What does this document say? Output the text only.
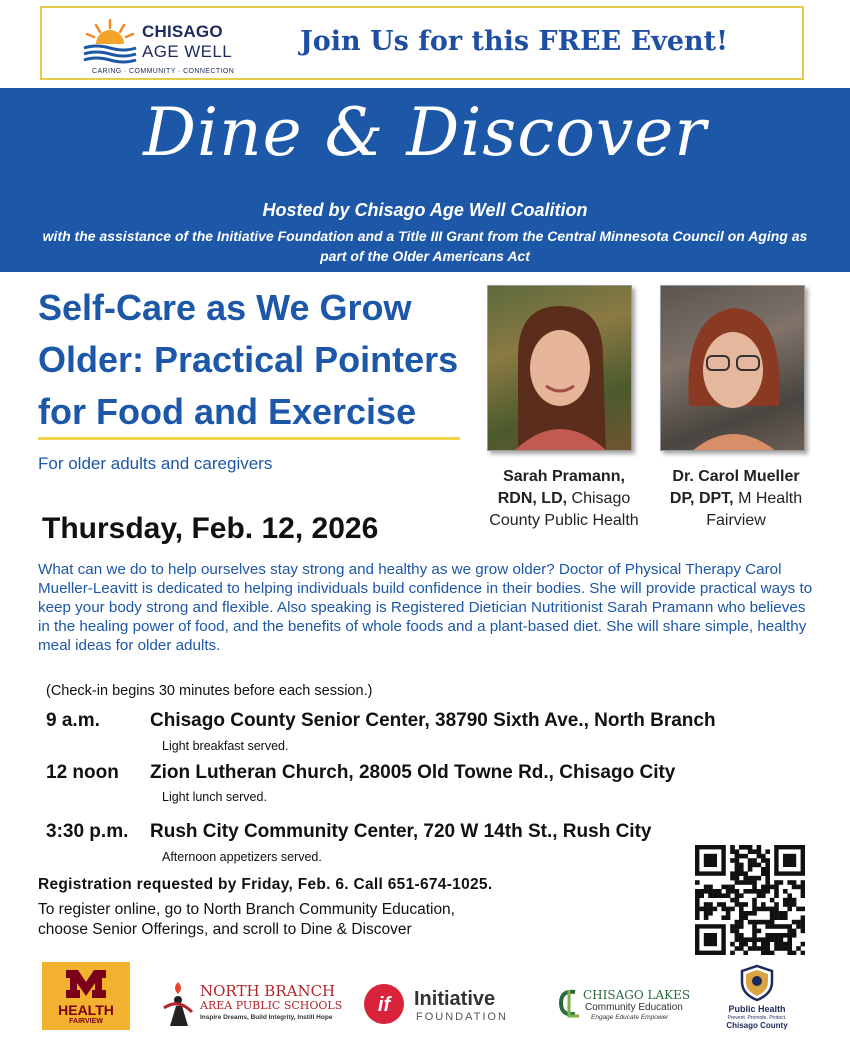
CHISAGO
AGE WELL
CARING · COMMUNITY · CONNECTION
Join Us for this FREE Event!
Dine & Discover
Hosted by Chisago Age Well Coalition
with the assistance of the Initiative Foundation and a Title III Grant from the Central Minnesota Council on Aging as part of the Older Americans Act
Self-Care as We Grow
Older: Practical Pointers
for Food and Exercise
For older adults and caregivers
Sarah Pramann,
RDN, LD, Chisago
County Public Health
Dr. Carol Mueller
DP, DPT, M Health
Fairview
Thursday, Feb. 12, 2026
What can we do to help ourselves stay strong and healthy as we grow older? Doctor of Physical Therapy Carol Mueller-Leavitt is dedicated to helping individuals build confidence in their bodies. She will provide practical ways to keep your body strong and flexible. Also speaking is Registered Dietician Nutritionist Sarah Pramann who believes in the healing power of food, and the benefits of whole foods and a plant-based diet. She will share simple, healthy meal ideas for older adults.
(Check-in begins 30 minutes before each session.)
9 a.m.	Chisago County Senior Center, 38790 Sixth Ave., North Branch
Light breakfast served.
12 noon Zion Lutheran Church, 28005 Old Towne Rd., Chisago City
Light lunch served.
3:30 p.m. Rush City Community Center, 720 W 14th St., Rush City
Afternoon appetizers served.
Registration requested by Friday, Feb. 6. Call 651-674-1025.
To register online, go to North Branch Community Education,
choose Senior Offerings, and scroll to Dine & Discover
HEALTH
FAIRVIEW
NORTH BRANCH
AREA PUBLIC SCHOOLS
Inspire Dreams, Build Integrity, Instill Hope
if Initiative
FOUNDATION
CHISAGO LAKES
Community Education
Engage Educate Empower
Public Health
Prevent. Promote. Protect.
Chisago County
